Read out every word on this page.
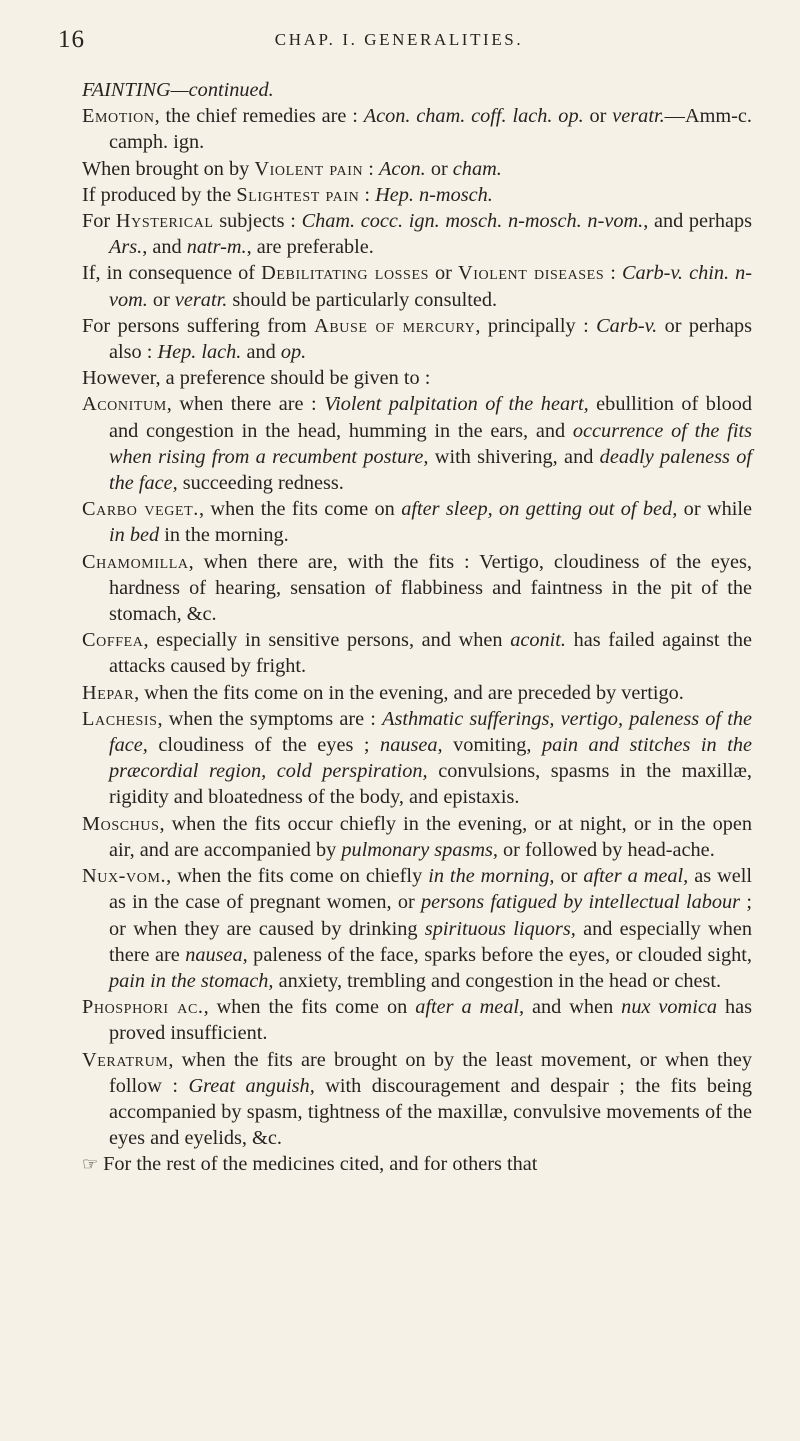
16	CHAP. I. GENERALITIES.

FAINTING—continued.

Emotion, the chief remedies are : Acon. cham. coff. lach. op. or veratr.—Amm-c. camph. ign.

When brought on by Violent pain : Acon. or cham.

If produced by the Slightest pain : Hep. n-mosch.

For Hysterical subjects : Cham. cocc. ign. mosch. n-mosch. n-vom., and perhaps Ars., and natr-m., are preferable.

If, in consequence of Debilitating losses or Violent diseases : Carb-v. chin. n-vom. or veratr. should be particularly consulted.

For persons suffering from Abuse of mercury, principally : Carb-v. or perhaps also : Hep. lach. and op.

However, a preference should be given to :

Aconitum, when there are : Violent palpitation of the heart, ebullition of blood and congestion in the head, humming in the ears, and occurrence of the fits when rising from a recumbent posture, with shivering, and deadly paleness of the face, succeeding redness.

Carbo veget., when the fits come on after sleep, on getting out of bed, or while in bed in the morning.

Chamomilla, when there are, with the fits : Vertigo, cloudiness of the eyes, hardness of hearing, sensation of flabbiness and faintness in the pit of the stomach, &c.

Coffea, especially in sensitive persons, and when aconit. has failed against the attacks caused by fright.

Hepar, when the fits come on in the evening, and are preceded by vertigo.

Lachesis, when the symptoms are : Asthmatic sufferings, vertigo, paleness of the face, cloudiness of the eyes ; nausea, vomiting, pain and stitches in the præcordial region, cold perspiration, convulsions, spasms in the maxillæ, rigidity and bloatedness of the body, and epistaxis.

Moschus, when the fits occur chiefly in the evening, or at night, or in the open air, and are accompanied by pulmonary spasms, or followed by head-ache.

Nux-vom., when the fits come on chiefly in the morning, or after a meal, as well as in the case of pregnant women, or persons fatigued by intellectual labour ; or when they are caused by drinking spirituous liquors, and especially when there are nausea, paleness of the face, sparks before the eyes, or clouded sight, pain in the stomach, anxiety, trembling and congestion in the head or chest.

Phosphori ac., when the fits come on after a meal, and when nux vomica has proved insufficient.

Veratrum, when the fits are brought on by the least movement, or when they follow : Great anguish, with discouragement and despair ; the fits being accompanied by spasm, tightness of the maxillæ, convulsive movements of the eyes and eyelids, &c.

☞ For the rest of the medicines cited, and for others that
